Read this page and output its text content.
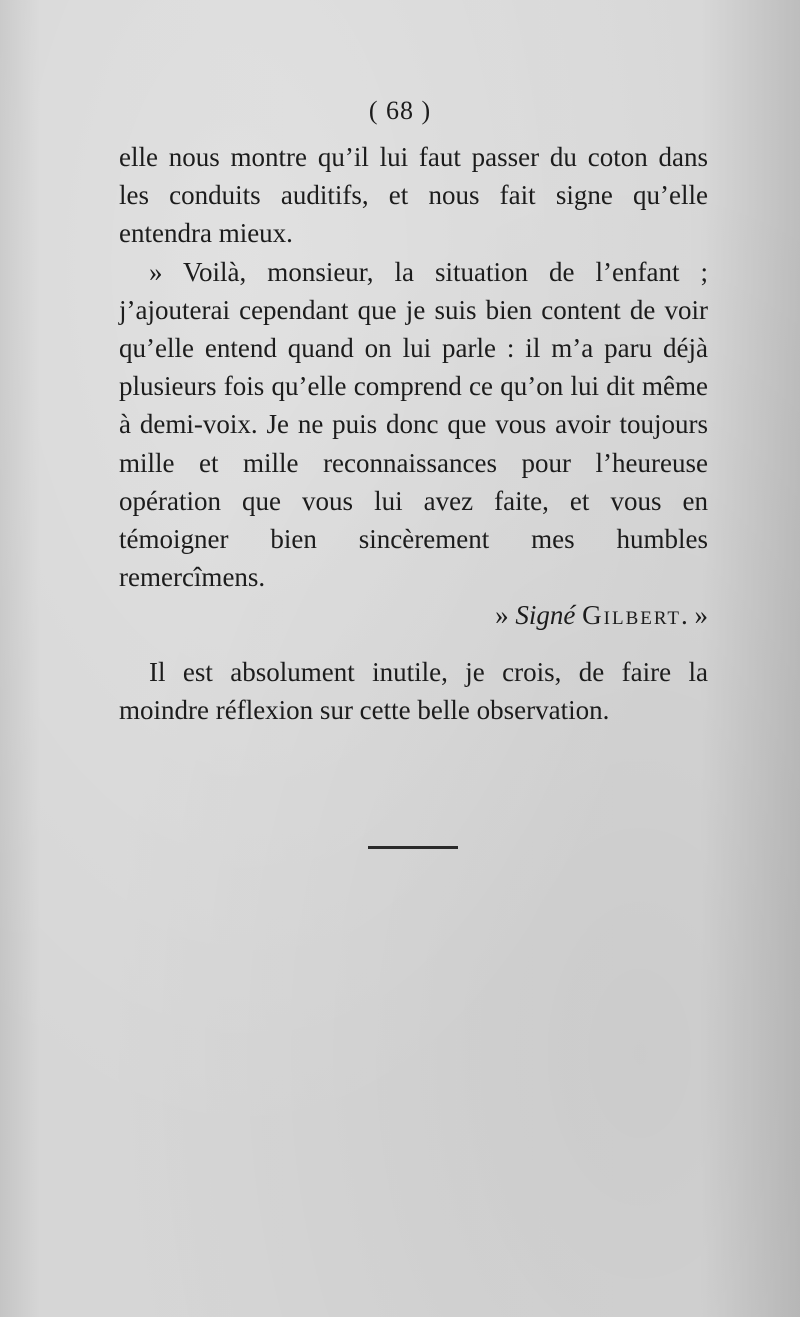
( 68 )

elle nous montre qu’il lui faut passer du coton dans les conduits auditifs, et nous fait signe qu’elle entendra mieux.

» Voilà, monsieur, la situation de l’enfant ; j’ajouterai cependant que je suis bien content de voir qu’elle entend quand on lui parle : il m’a paru déjà plusieurs fois qu’elle comprend ce qu’on lui dit même à demi-voix. Je ne puis donc que vous avoir toujours mille et mille reconnaissances pour l’heureuse opération que vous lui avez faite, et vous en témoigner bien sincèrement mes humbles remercîmens.

» Signé Gilbert. »

Il est absolument inutile, je crois, de faire la moindre réflexion sur cette belle observation.
